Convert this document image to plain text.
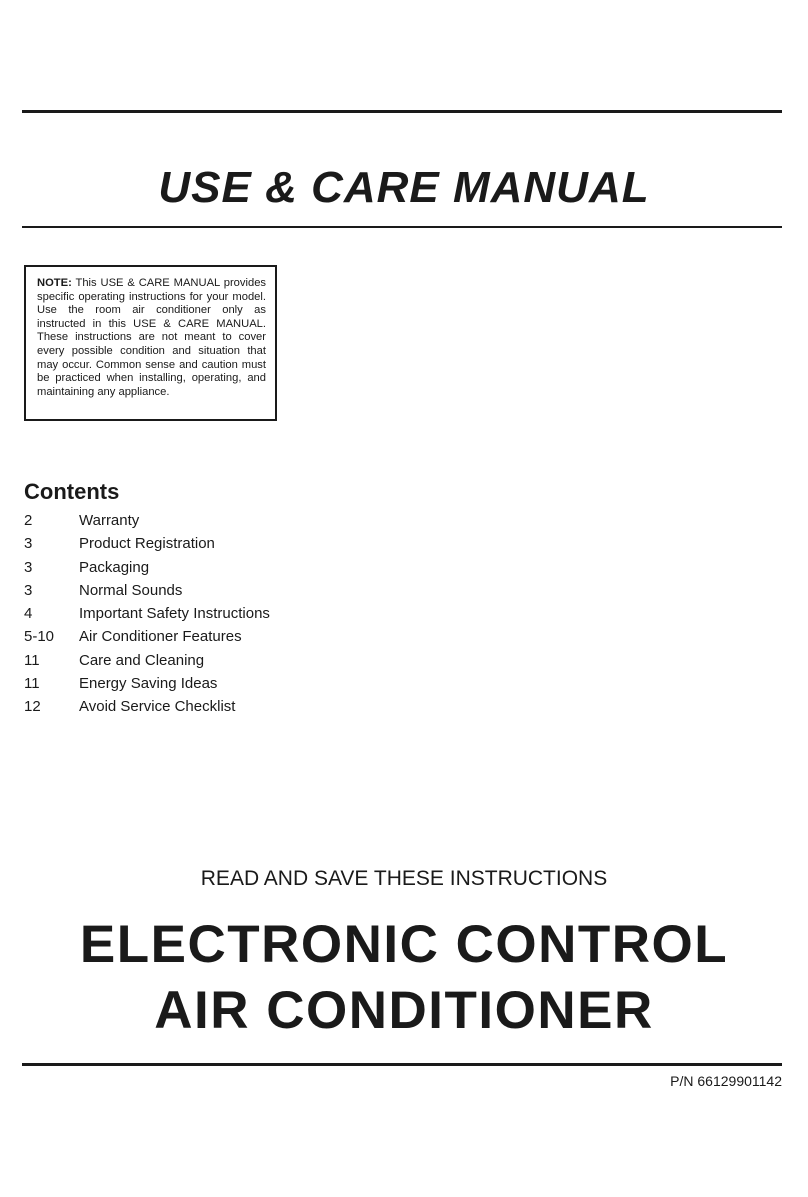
USE & CARE MANUAL
NOTE: This USE & CARE MANUAL provides specific operating instructions for your model. Use the room air conditioner only as instructed in this USE & CARE MANUAL. These instructions are not meant to cover every possible condition and situation that may occur. Common sense and caution must be practiced when installing, operating, and maintaining any appliance.
Contents
2	Warranty
3	Product Registration
3	Packaging
3	Normal Sounds
4	Important Safety Instructions
5-10 Air Conditioner Features
11	Care and Cleaning
11	Energy Saving Ideas
12	Avoid Service Checklist
READ AND SAVE THESE INSTRUCTIONS
ELECTRONIC CONTROL
AIR CONDITIONER
P/N 66129901142
